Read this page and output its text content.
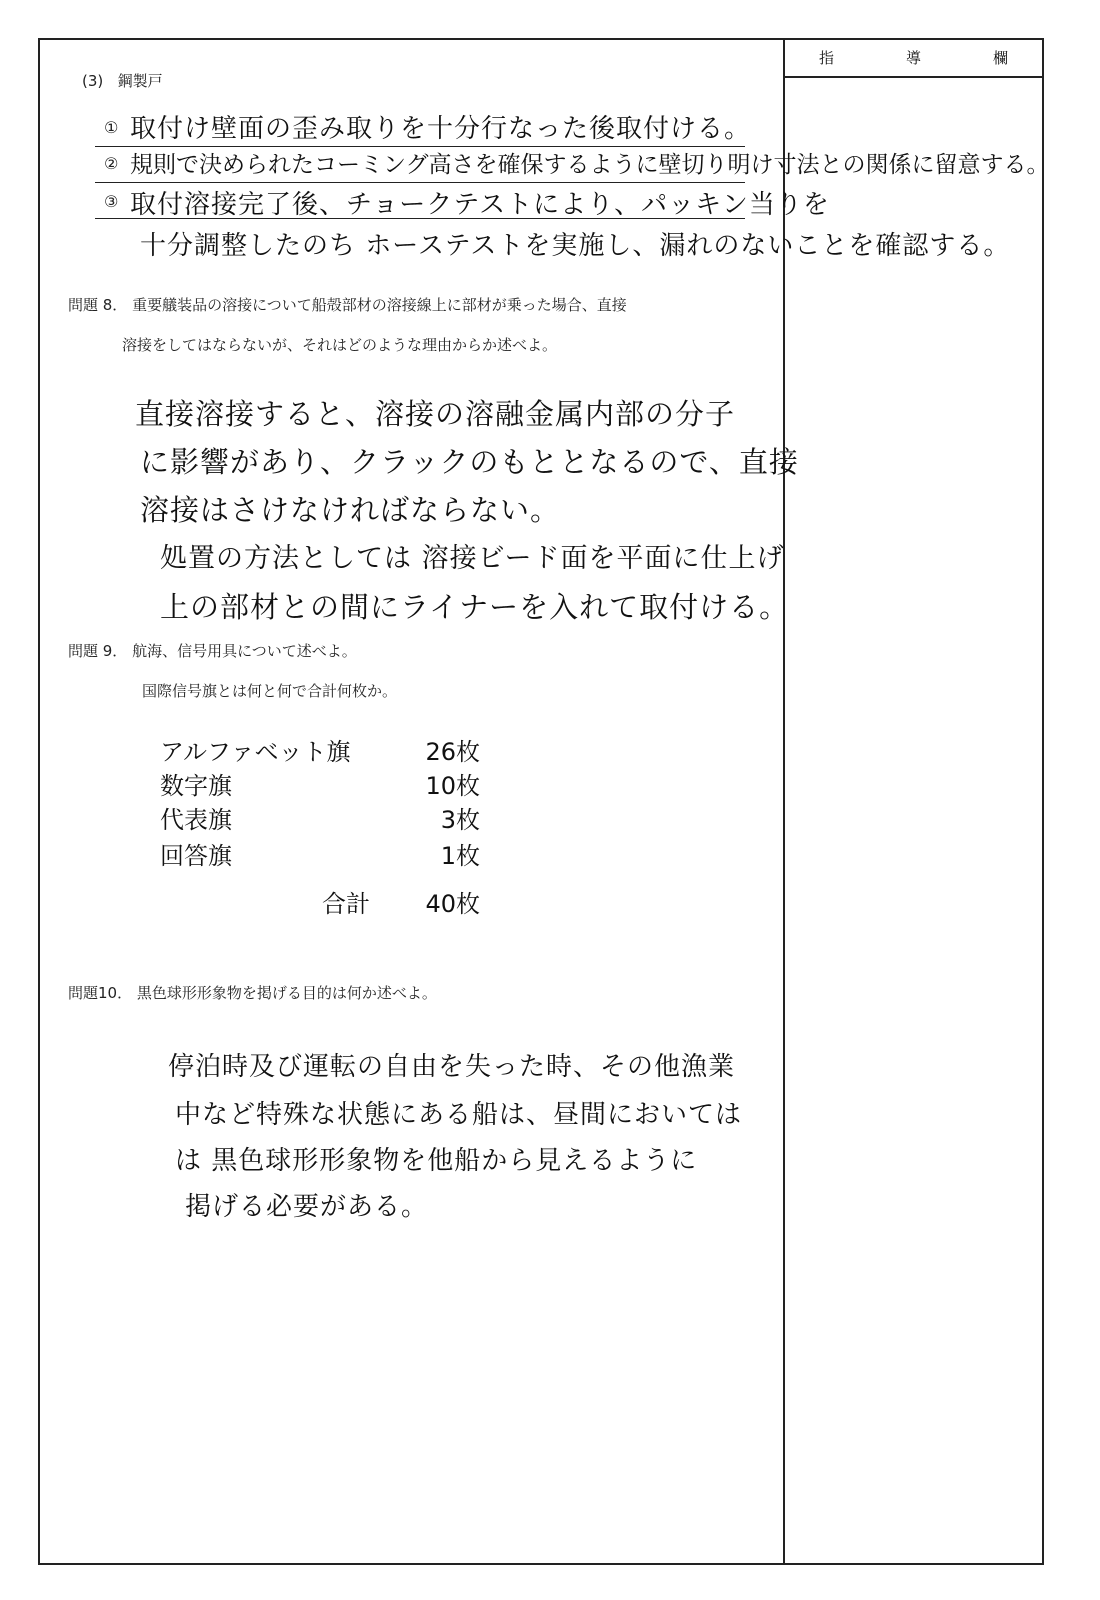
指	導	欄
(3) 鋼製戸
① 取付け壁面の歪み取りを十分行なった後取付ける。
② 規則で決められたコーミング高さを確保するように壁切り明け寸法との関係に留意する。
③ 取付溶接完了後、チョークテストにより、パッキン当りを
十分調整したのち ホーステストを実施し、漏れのないことを確認する。
問題 8． 重要艤装品の溶接について船殻部材の溶接線上に部材が乗った場合、直接
溶接をしてはならないが、それはどのような理由からか述べよ。
直接溶接すると、溶接の溶融金属内部の分子
に影響があり、クラックのもととなるので、直接
溶接はさけなければならない。
処置の方法としては 溶接ビード面を平面に仕上げ
上の部材との間にライナーを入れて取付ける。
問題 9． 航海、信号用具について述べよ。
国際信号旗とは何と何で合計何枚か。
アルファベット旗	26枚
数字旗	10枚
代表旗	3枚
回答旗	1枚
合計	40枚
問題10． 黒色球形形象物を掲げる目的は何か述べよ。
停泊時及び運転の自由を失った時、その他漁業
中など特殊な状態にある船は、昼間においては
は 黒色球形形象物を他船から見えるように
掲げる必要がある。
